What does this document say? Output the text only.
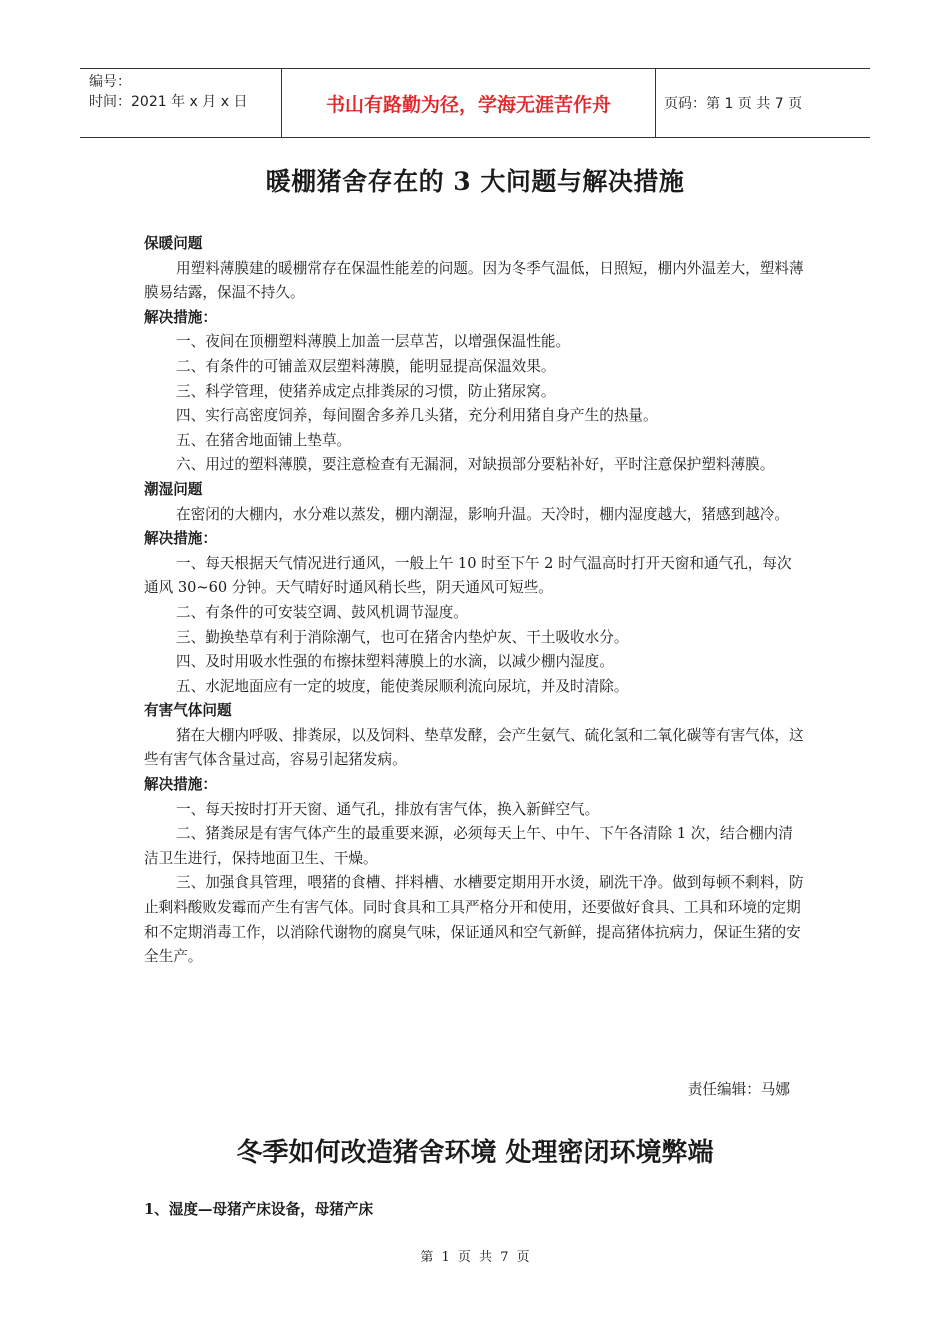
编号：
时间：2021 年 x 月 x 日	书山有路勤为径，学海无涯苦作舟	页码：第 1 页 共 7 页
暖棚猪舍存在的 3 大问题与解决措施

保暖问题

用塑料薄膜建的暖棚常存在保温性能差的问题。因为冬季气温低，日照短，棚内外温差大，塑料薄膜易结露，保温不持久。

解决措施：

一、夜间在顶棚塑料薄膜上加盖一层草苫，以增强保温性能。

二、有条件的可铺盖双层塑料薄膜，能明显提高保温效果。

三、科学管理，使猪养成定点排粪尿的习惯，防止猪尿窝。

四、实行高密度饲养，每间圈舍多养几头猪，充分利用猪自身产生的热量。

五、在猪舍地面铺上垫草。

六、用过的塑料薄膜，要注意检查有无漏洞，对缺损部分要粘补好，平时注意保护塑料薄膜。

潮湿问题

在密闭的大棚内，水分难以蒸发，棚内潮湿，影响升温。天冷时，棚内湿度越大，猪感到越冷。

解决措施：

一、每天根据天气情况进行通风，一般上午 10 时至下午 2 时气温高时打开天窗和通气孔，每次通风 30~60 分钟。天气晴好时通风稍长些，阴天通风可短些。

二、有条件的可安装空调、鼓风机调节湿度。

三、勤换垫草有利于消除潮气，也可在猪舍内垫炉灰、干土吸收水分。

四、及时用吸水性强的布擦抹塑料薄膜上的水滴，以减少棚内湿度。

五、水泥地面应有一定的坡度，能使粪尿顺利流向尿坑，并及时清除。

有害气体问题

猪在大棚内呼吸、排粪尿，以及饲料、垫草发酵，会产生氨气、硫化氢和二氧化碳等有害气体，这些有害气体含量过高，容易引起猪发病。

解决措施：

一、每天按时打开天窗、通气孔，排放有害气体，换入新鲜空气。

二、猪粪尿是有害气体产生的最重要来源，必须每天上午、中午、下午各清除 1 次，结合棚内清洁卫生进行，保持地面卫生、干燥。

三、加强食具管理，喂猪的食槽、拌料槽、水槽要定期用开水烫，刷洗干净。做到每顿不剩料，防止剩料酸败发霉而产生有害气体。同时食具和工具严格分开和使用，还要做好食具、工具和环境的定期和不定期消毒工作，以消除代谢物的腐臭气味，保证通风和空气新鲜，提高猪体抗病力，保证生猪的安全生产。

责任编辑：马娜
冬季如何改造猪舍环境 处理密闭环境弊端
1、湿度—母猪产床设备，母猪产床
第 1 页 共 7 页
